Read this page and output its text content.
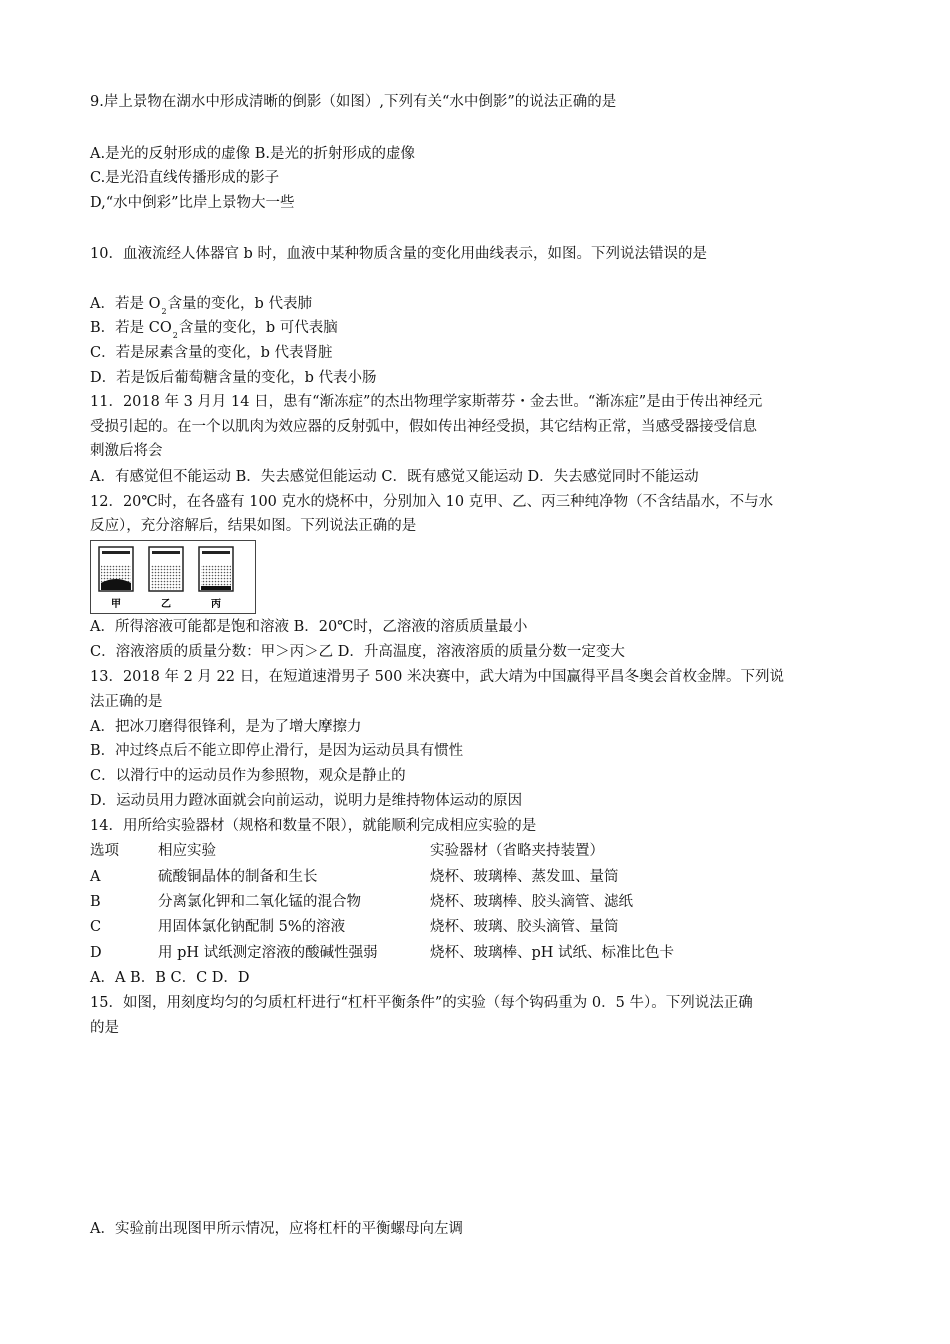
9.岸上景物在湖水中形成清晰的倒影（如图）,下列有关“水中倒影”的说法正确的是
A.是光的反射形成的虚像 B.是光的折射形成的虚像
C.是光沿直线传播形成的影子
D,“水中倒彩”比岸上景物大一些
10．血液流经人体器官 b 时，血液中某种物质含量的变化用曲线表示，如图。下列说法错误的是
A．若是 $O_2$含量的变化，b 代表肺
B．若是 $CO_2$含量的变化，b 可代表脑
C．若是尿素含量的变化，b 代表肾脏
D．若是饭后葡萄糖含量的变化，b 代表小肠
11．2018 年 3 月月 14 日，患有“渐冻症”的杰出物理学家斯蒂芬・金去世。“渐冻症”是由于传出神经元
受损引起的。在一个以肌肉为效应器的反射弧中，假如传出神经受损，其它结构正常，当感受器接受信息
刺激后将会
A．有感觉但不能运动 B．失去感觉但能运动 C．既有感觉又能运动 D．失去感觉同时不能运动
12．20℃时，在各盛有 100 克水的烧杯中，分别加入 10 克甲、乙、丙三种纯净物（不含结晶水，不与水
反应），充分溶解后，结果如图。下列说法正确的是
甲	乙	丙
A．所得溶液可能都是饱和溶液 B．20℃时，乙溶液的溶质质量最小
C．溶液溶质的质量分数：甲＞丙＞乙 D．升高温度，溶液溶质的质量分数一定变大
13．2018 年 2 月 22 日，在短道速滑男子 500 米决赛中，武大靖为中国赢得平昌冬奥会首枚金牌。下列说
法正确的是
A．把冰刀磨得很锋利，是为了增大摩擦力
B．冲过终点后不能立即停止滑行，是因为运动员具有惯性
C．以滑行中的运动员作为参照物，观众是静止的
D．运动员用力蹬冰面就会向前运动，说明力是维持物体运动的原因
14．用所给实验器材（规格和数量不限），就能顺利完成相应实验的是
选项	相应实验	实验器材（省略夹持装置）
A	硫酸铜晶体的制备和生长	烧杯、玻璃棒、蒸发皿、量筒
B	分离氯化钾和二氧化锰的混合物	烧杯、玻璃棒、胶头滴管、滤纸
C	用固体氯化钠配制 5%的溶液	烧杯、玻璃、胶头滴管、量筒
D	用 pH 试纸测定溶液的酸碱性强弱	烧杯、玻璃棒、pH 试纸、标准比色卡
A．A B．B C．C D．D
15．如图，用刻度均匀的匀质杠杆进行“杠杆平衡条件”的实验（每个钩码重为 0．5 牛）。下列说法正确
的是
A．实验前出现图甲所示情况，应将杠杆的平衡螺母向左调
